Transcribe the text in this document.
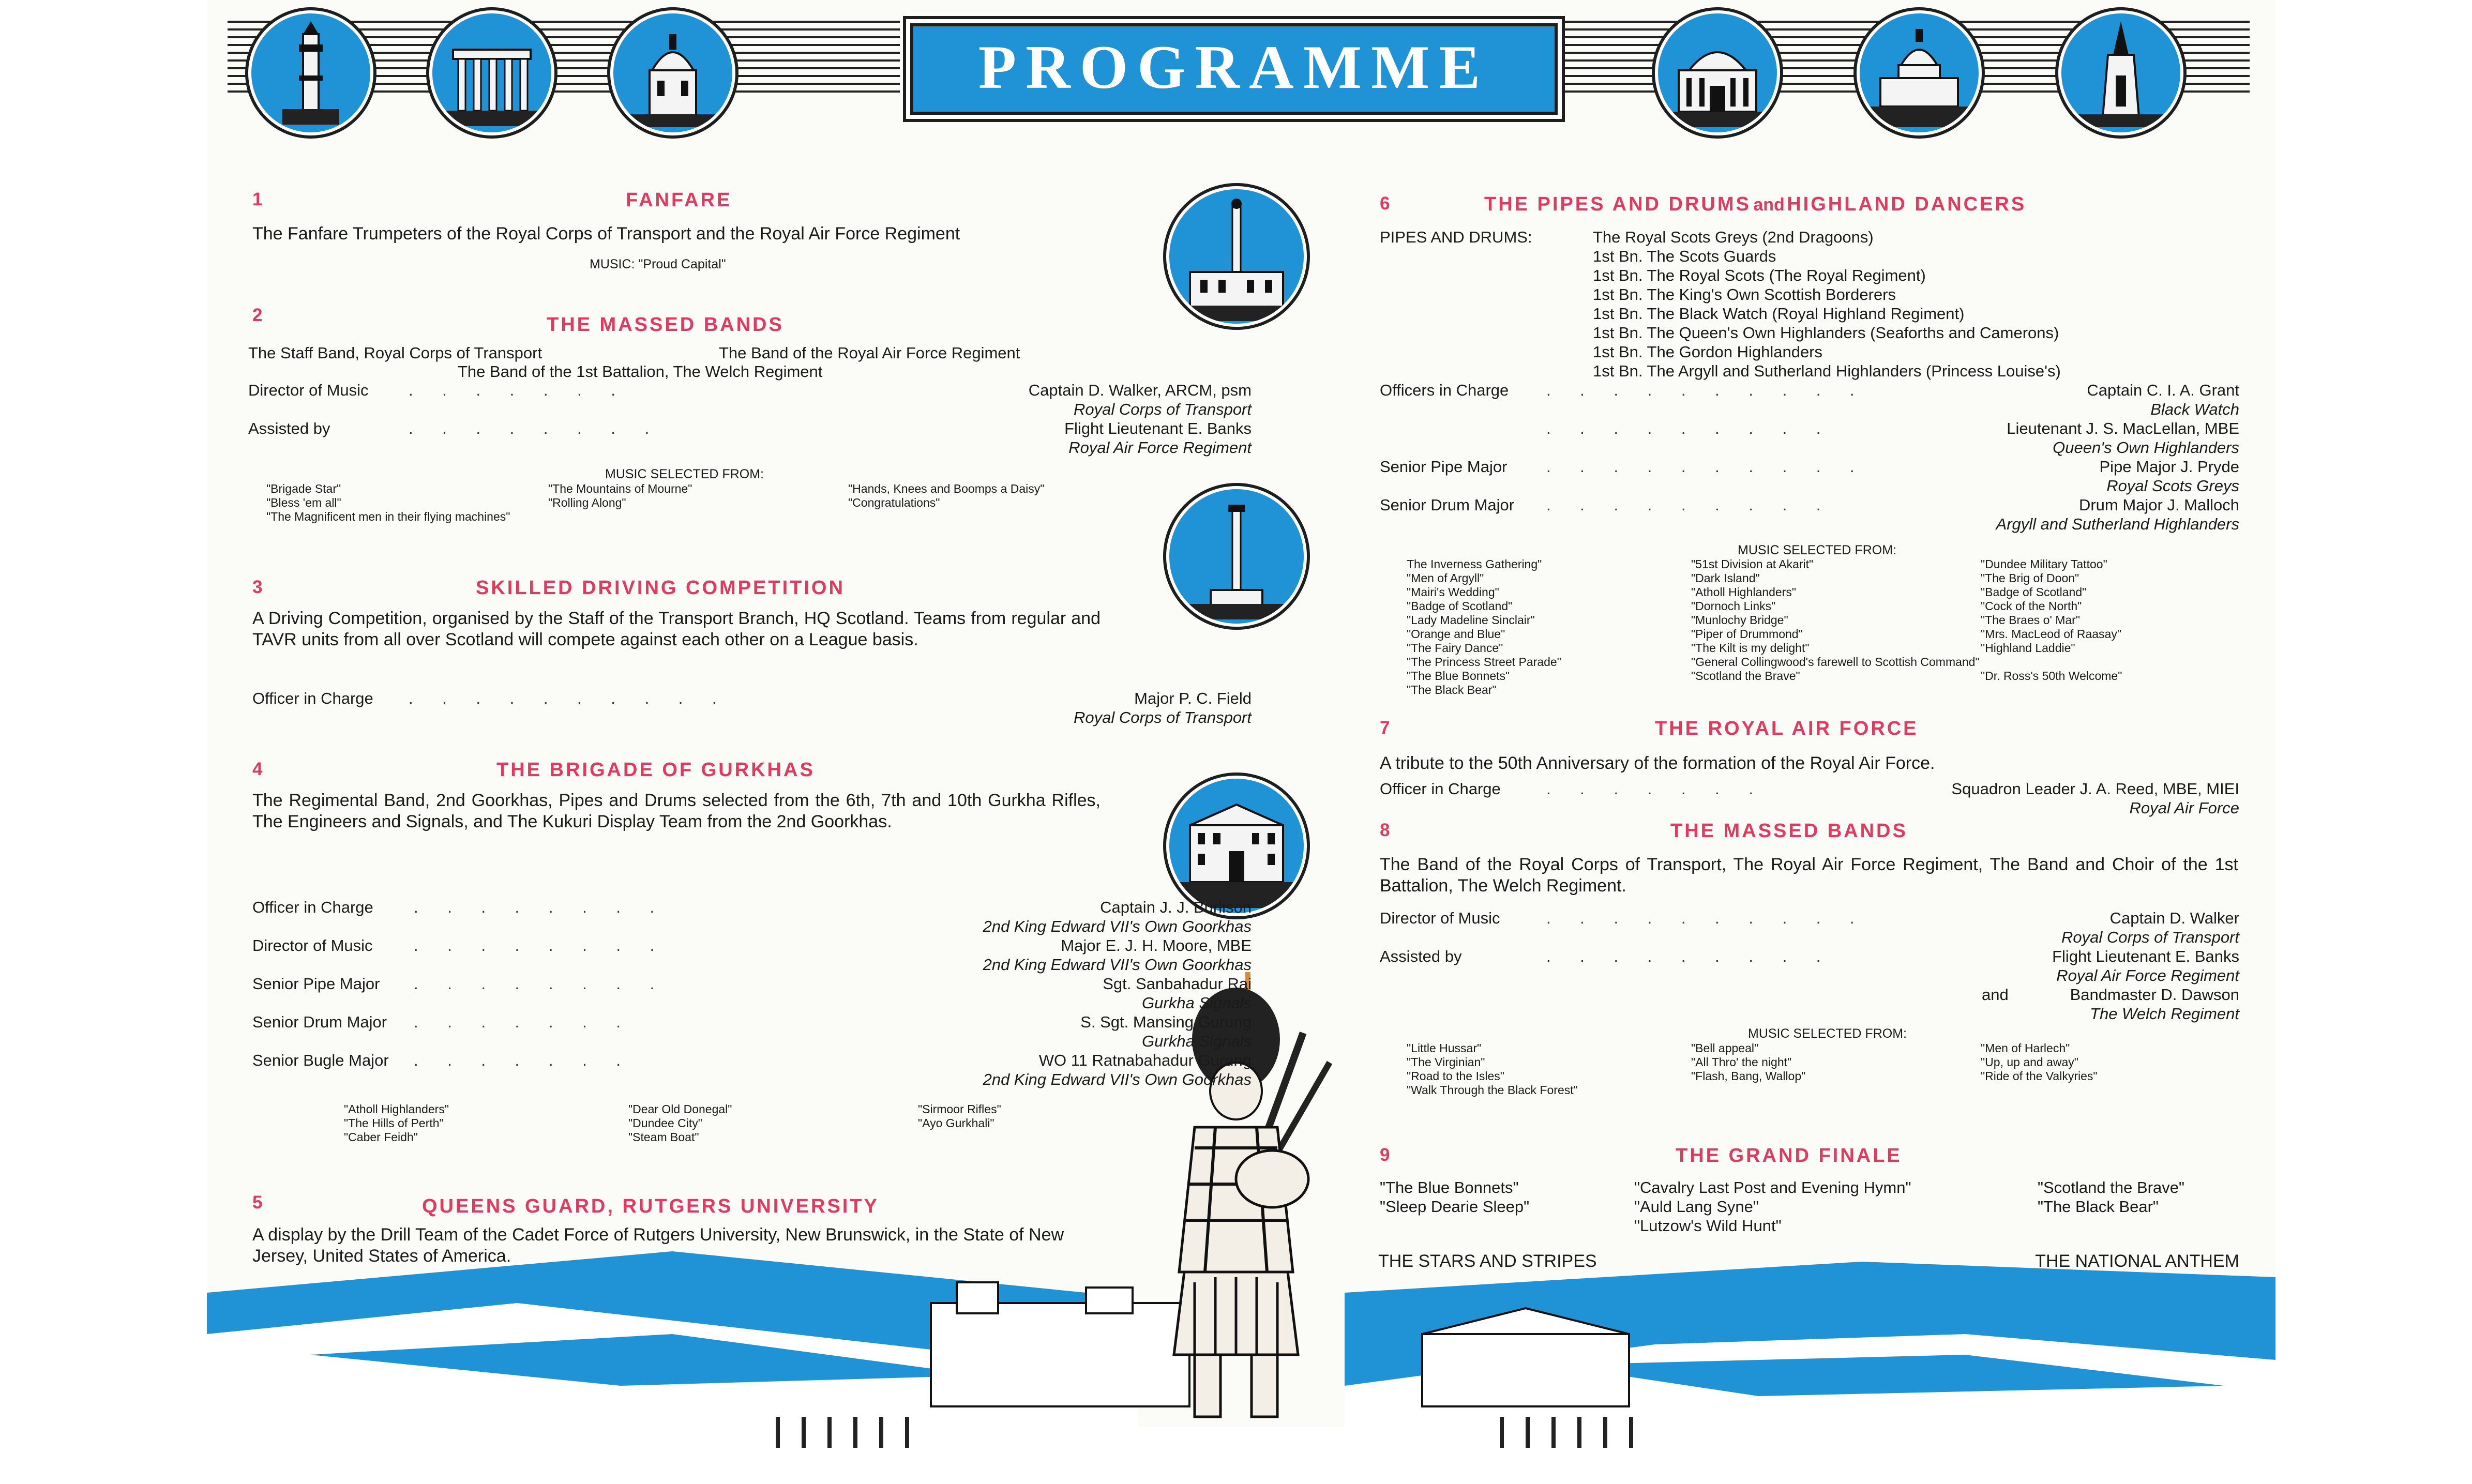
PROGRAMME
1	FANFARE
The Fanfare Trumpeters of the Royal Corps of Transport and the Royal Air Force Regiment
MUSIC: "Proud Capital"
2	THE MASSED BANDS
The Staff Band, Royal Corps of Transport	The Band of the Royal Air Force Regiment
The Band of the 1st Battalion, The Welch Regiment
Director of Music . . . . . . .	Captain D. Walker, ARCM, psm
Royal Corps of Transport
Assisted by	. . . . . . . .	Flight Lieutenant E. Banks
Royal Air Force Regiment
MUSIC SELECTED FROM:
"Brigade Star"
"Bless 'em all"
"The Magnificent men in their flying machines"
"The Mountains of Mourne"
"Rolling Along"
"Hands, Knees and Boomps a Daisy"
"Congratulations"
3	SKILLED DRIVING COMPETITION
A Driving Competition, organised by the Staff of the Transport Branch, HQ Scotland. Teams from regular and TAVR units from all over Scotland will compete against each other on a League basis.
Officer in Charge . . . . . . . . . .	Major P. C. Field
Royal Corps of Transport
4	THE BRIGADE OF GURKHAS
The Regimental Band, 2nd Goorkhas, Pipes and Drums selected from the 6th, 7th and 10th Gurkha Rifles, The Engineers and Signals, and The Kukuri Display Team from the 2nd Goorkhas.
Officer in Charge	. . . . . . . .	Captain J. J. Burlison
2nd King Edward VII's Own Goorkhas
Director of Music	. . . . . . . .	Major E. J. H. Moore, MBE
2nd King Edward VII's Own Goorkhas
Senior Pipe Major . . . . . . . .	Sgt. Sanbahadur Rai
Gurkha Signals
Senior Drum Major . . . . . . .	S. Sgt. Mansing Gurung
Gurkha Signals
Senior Bugle Major . . . . . . .	WO 11 Ratnabahadur Gurung
2nd King Edward VII's Own Goorkhas
"Atholl Highlanders"
"The Hills of Perth"
"Caber Feidh"
"Dear Old Donegal"
"Dundee City"
"Steam Boat"
"Sirmoor Rifles"
"Ayo Gurkhali"
5	QUEENS GUARD, RUTGERS UNIVERSITY
A display by the Drill Team of the Cadet Force of Rutgers University, New Brunswick, in the State of New Jersey, United States of America.
6	THE PIPES AND DRUMS and HIGHLAND DANCERS
PIPES AND DRUMS:	The Royal Scots Greys (2nd Dragoons)
1st Bn. The Scots Guards
1st Bn. The Royal Scots (The Royal Regiment)
1st Bn. The King's Own Scottish Borderers
1st Bn. The Black Watch (Royal Highland Regiment)
1st Bn. The Queen's Own Highlanders (Seaforths and Camerons)
1st Bn. The Gordon Highlanders
1st Bn. The Argyll and Sutherland Highlanders (Princess Louise's)
Officers in Charge . . . . . . . . . .	Captain C. I. A. Grant
Black Watch
. . . . . . . . .	Lieutenant J. S. MacLellan, MBE
Queen's Own Highlanders
Senior Pipe Major . . . . . . . . . .	Pipe Major J. Pryde
Royal Scots Greys
Senior Drum Major . . . . . . . . .	Drum Major J. Malloch
Argyll and Sutherland Highlanders
MUSIC SELECTED FROM:
The Inverness Gathering"
"Men of Argyll"
"Mairi's Wedding"
"Badge of Scotland"
"Lady Madeline Sinclair"
"Orange and Blue"
"The Fairy Dance"
"The Princess Street Parade"
"The Blue Bonnets"
"The Black Bear"
"51st Division at Akarit"
"Dark Island"
"Atholl Highlanders"
"Dornoch Links"
"Munlochy Bridge"
"Piper of Drummond"
"The Kilt is my delight"
"General Collingwood's farewell to Scottish Command"
"Scotland the Brave"
"Dundee Military Tattoo"
"The Brig of Doon"
"Badge of Scotland"
"Cock of the North"
"The Braes o' Mar"
"Mrs. MacLeod of Raasay"
"Highland Laddie"
"Dr. Ross's 50th Welcome"
7	THE ROYAL AIR FORCE
A tribute to the 50th Anniversary of the formation of the Royal Air Force.
Officer in Charge	. . . . . . .	Squadron Leader J. A. Reed, MBE, MIEI
Royal Air Force
8	THE MASSED BANDS
The Band of the Royal Corps of Transport, The Royal Air Force Regiment, The Band and Choir of the 1st Battalion, The Welch Regiment.
Director of Music	. . . . . . . . . .	Captain D. Walker
Royal Corps of Transport
Assisted by	. . . . . . . . .	Flight Lieutenant E. Banks
Royal Air Force Regiment
and	Bandmaster D. Dawson
The Welch Regiment
MUSIC SELECTED FROM:
"Little Hussar"
"The Virginian"
"Road to the Isles"
"Walk Through the Black Forest"
"Bell appeal"
"All Thro' the night"
"Flash, Bang, Wallop"
"Men of Harlech"
"Up, up and away"
"Ride of the Valkyries"
9	THE GRAND FINALE
"The Blue Bonnets"
"Sleep Dearie Sleep"
"Cavalry Last Post and Evening Hymn"
"Auld Lang Syne"
"Lutzow's Wild Hunt"
"Scotland the Brave"
"The Black Bear"
THE STARS AND STRIPES	THE NATIONAL ANTHEM
